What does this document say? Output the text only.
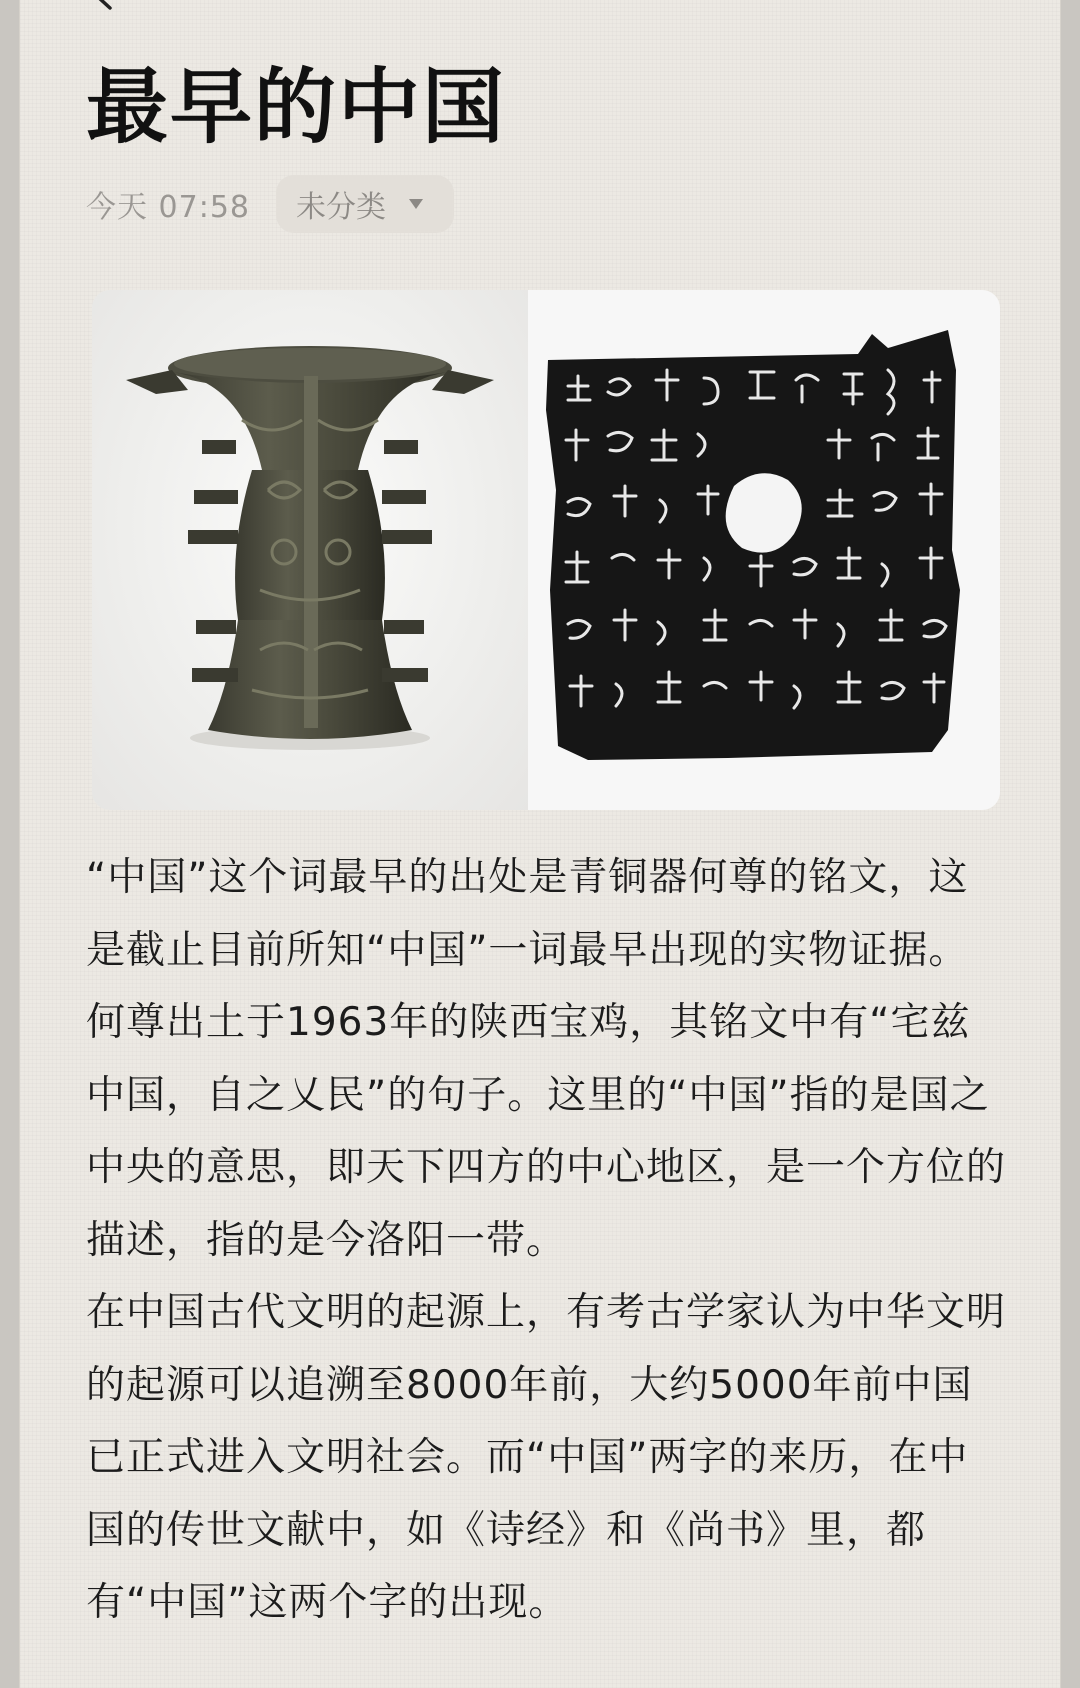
最早的中国
今天 07:58 未分类

“中国”这个词最早的出处是青铜器何尊的铭文，这是截止目前所知“中国”一词最早出现的实物证据。何尊出土于1963年的陕西宝鸡，其铭文中有“宅兹中国，自之乂民”的句子。这里的“中国”指的是国之中央的意思，即天下四方的中心地区，是一个方位的描述，指的是今洛阳一带。

在中国古代文明的起源上，有考古学家认为中华文明的起源可以追溯至8000年前，大约5000年前中国已正式进入文明社会。而“中国”两字的来历，在中国的传世文献中，如《诗经》和《尚书》里，都有“中国”这两个字的出现。
